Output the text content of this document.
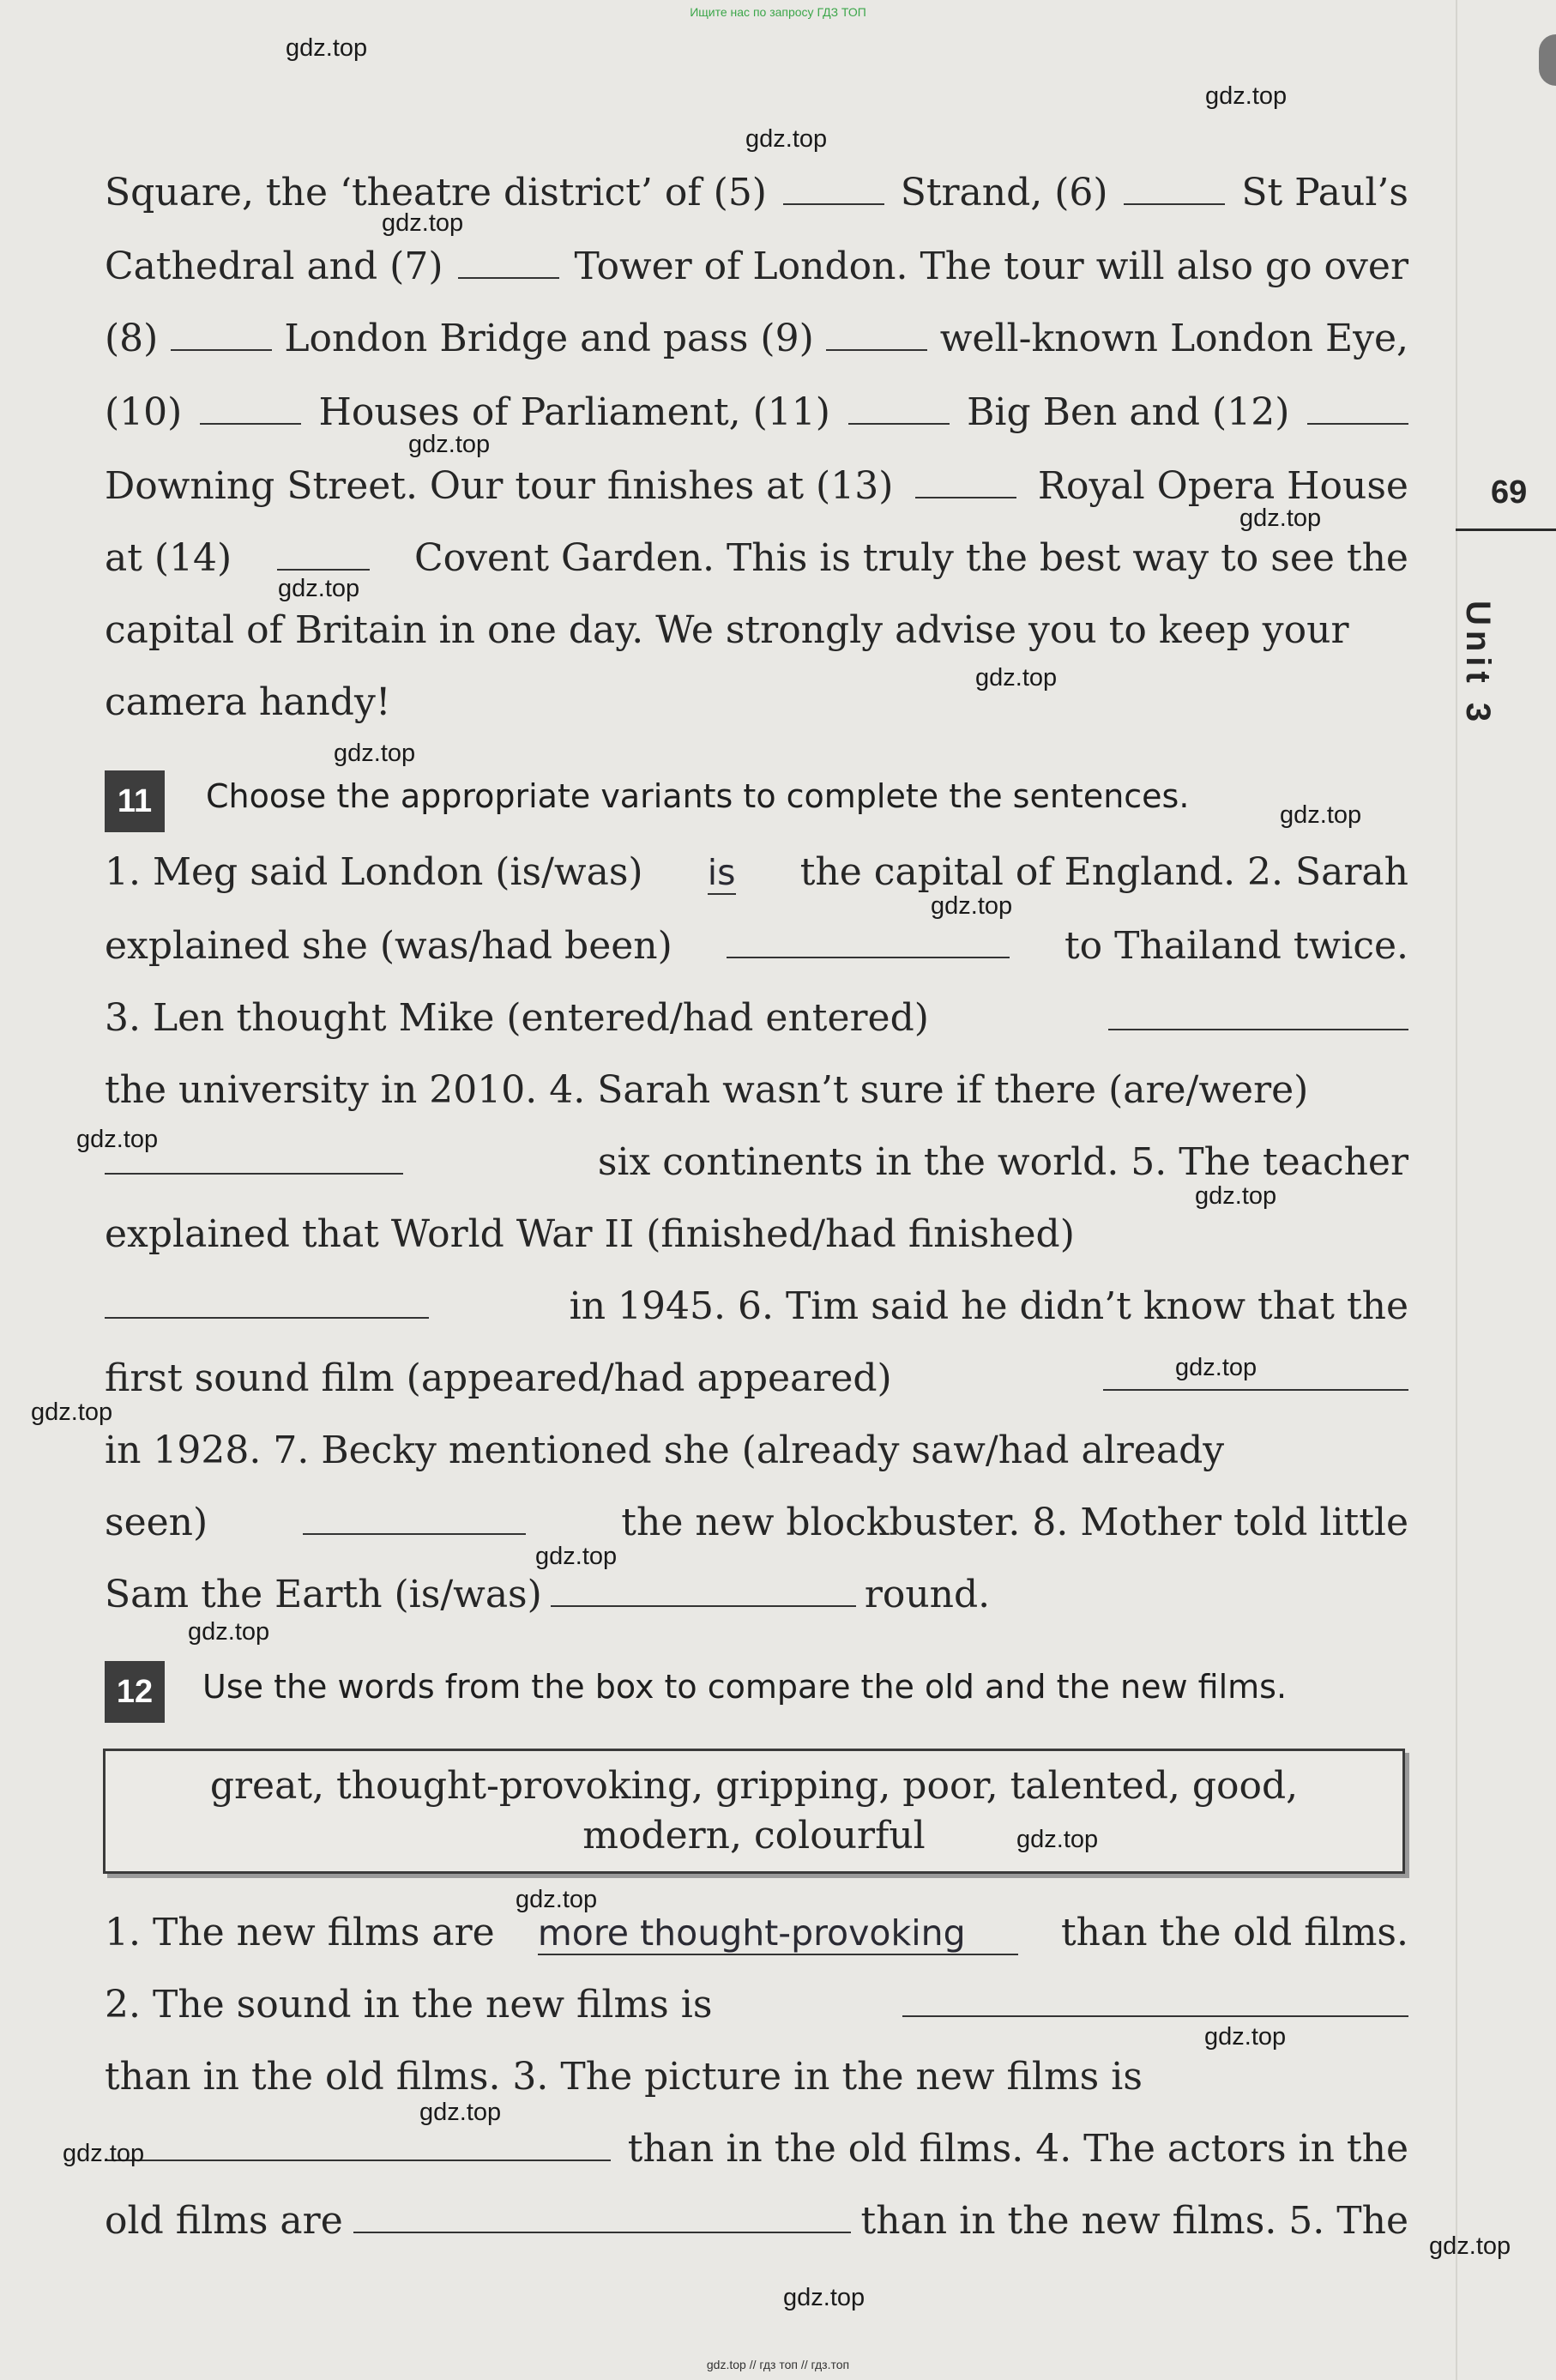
Ищите нас по запросу ГДЗ ТОП
69
Unit 3
Square, the ‘theatre district’ of (5)	Strand, (6)	St Paul’s
Cathedral and (7)	Tower of London. The tour will also go over
(8)	London Bridge and pass (9)	well-known London Eye,
(10)	Houses of Parliament, (11)	Big Ben and (12)
Downing Street. Our tour finishes at (13)	Royal Opera House
at (14)	Covent Garden. This is truly the best way to see the
capital of Britain in one day. We strongly advise you to keep your
camera handy!
11	Choose the appropriate variants to complete the sentences.
1. Meg said London (is/was)	is	the capital of England. 2. Sarah
explained she (was/had been)	to Thailand twice.
3. Len thought Mike (entered/had entered)
the university in 2010. 4. Sarah wasn’t sure if there (are/were)
six continents in the world. 5. The teacher
explained that World War II (finished/had finished)
in 1945. 6. Tim said he didn’t know that the
first sound film (appeared/had appeared)
in 1928. 7. Becky mentioned she (already saw/had already
seen)	the new blockbuster. 8. Mother told little
Sam the Earth (is/was)	round.
12	Use the words from the box to compare the old and the new films.
great, thought-provoking, gripping, poor, talented, good,
modern, colourful
1. The new films are more thought-provoking	than the old films.
2. The sound in the new films is
than in the old films. 3. The picture in the new films is
than in the old films. 4. The actors in the
old films are	than in the new films. 5. The
gdz.top
gdz.top
gdz.top
gdz.top
gdz.top
gdz.top
gdz.top
gdz.top
gdz.top
gdz.top
gdz.top
gdz.top
gdz.top
gdz.top
gdz.top
gdz.top
gdz.top
gdz.top
gdz.top
gdz.top
gdz.top
gdz.top
gdz.top
gdz.top
gdz.top // гдз топ // гдз.топ
